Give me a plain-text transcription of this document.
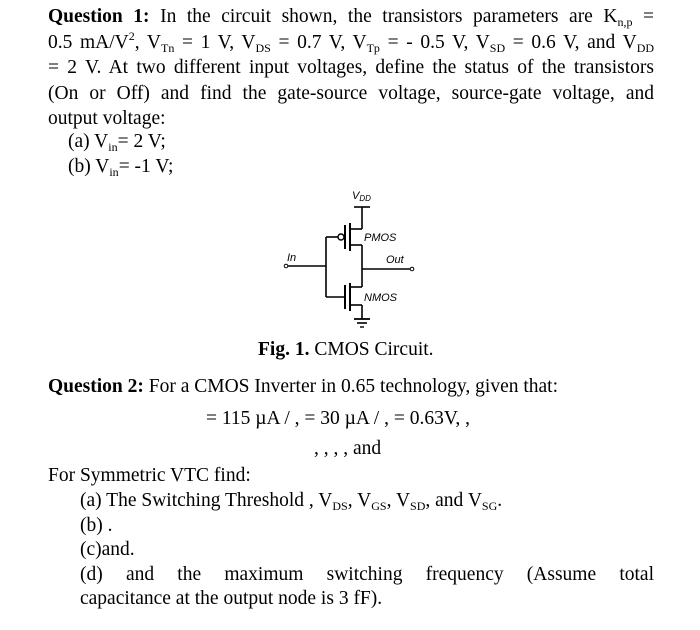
Question 1: In the circuit shown, the transistors parameters are $K_{n,p}$ =
0.5 $mA/V^2$, $V_{Tn} = 1$ V, $V_{DS} = 0.7$ V, $V_{Tp}$ = - 0.5 V, $V_{SD} = 0.6$ V, and $V_{DD}$
= 2 V. At two different input voltages, define the status of the transistors
(On or Off) and find the gate-source voltage, source-gate voltage, and
output voltage:
(a) $V_{in}= 2$ V;
(b) $V_{in}= -1$ V;
VDD
PMOS
In	Out
NMOS
Fig. 1. CMOS Circuit.
Question 2: For a CMOS Inverter in 0.65 technology, given that:
= 115 µA / , = 30 µA / , = 0.63V, ,
, , , , and
For Symmetric VTC find:
(a) The Switching Threshold , $V_{DS}$, $V_{GS}$, $V_{SD}$, and $V_{SG}$.
(b) .
(c)and.
(d) and the maximum switching frequency (Assume total
capacitance at the output node is 3 fF).
